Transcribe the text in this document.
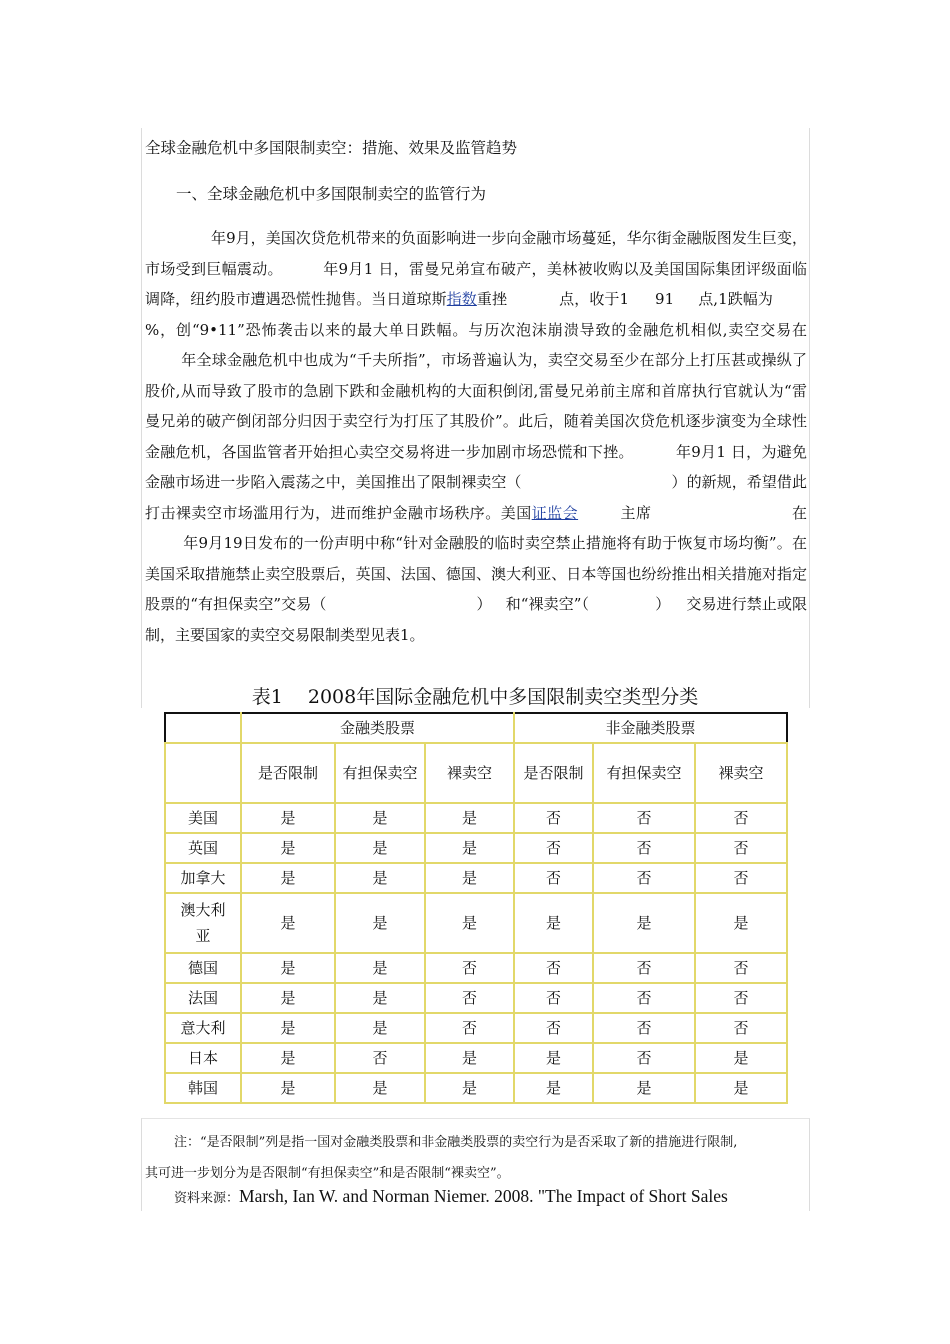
全球金融危机中多国限制卖空：措施、效果及监管趋势
一、全球金融危机中多国限制卖空的监管行为

年9月，美国次贷危机带来的负面影响进一步向金融市场蔓延，华尔街金融版图发生巨变，市场受到巨幅震动。	年9月1 日，雷曼兄弟宣布破产，美林被收购以及美国国际集团评级面临调降，纽约股市遭遇恐慌性抛售。当日道琼斯指数重挫	点，收于1 91 点,1跌幅为%，创“9•11”恐怖袭击以来的最大单日跌幅。与历次泡沫崩溃导致的金融危机相似,卖空交易在年全球金融危机中也成为“千夫所指”，市场普遍认为，卖空交易至少在部分上打压甚或操纵了股价,从而导致了股市的急剧下跌和金融机构的大面积倒闭,雷曼兄弟前主席和首席执行官就认为“雷曼兄弟的破产倒闭部分归因于卖空行为打压了其股价”。此后，随着美国次贷危机逐步演变为全球性金融危机，各国监管者开始担心卖空交易将进一步加剧市场恐慌和下挫。	年9月1 日，为避免金融市场进一步陷入震荡之中，美国推出了限制裸卖空（	）的新规，希望借此打击裸卖空市场滥用行为，进而维护金融市场秩序。美国证监会	主席	在年9月19日发布的一份声明中称“针对金融股的临时卖空禁止措施将有助于恢复市场均衡”。在美国采取措施禁止卖空股票后，英国、法国、德国、澳大利亚、日本等国也纷纷推出相关措施对指定股票的“有担保卖空”交易（	） 和“裸卖空”（	） 交易进行禁止或限制，主要国家的卖空交易限制类型见表1。

表1　 2008年国际金融危机中多国限制卖空类型分类
	金融类股票			非金融类股票		
	是否限制	有担保卖空	裸卖空	是否限制	有担保卖空	裸卖空
美国	是	是	是	否	否	否
英国	是	是	是	否	否	否
加拿大	是	是	是	否	否	否
澳大利亚	是	是	是	是	是	是
德国	是	是	否	否	否	否
法国	是	是	否	否	否	否
意大利	是	是	否	否	否	否
日本	是	否	是	是	否	是
韩国	是	是	是	是	是	是
注：“是否限制”列是指一国对金融类股票和非金融类股票的卖空行为是否采取了新的措施进行限制,
其可进一步划分为是否限制“有担保卖空”和是否限制“裸卖空”。
资料来源：Marsh, Ian W. and Norman Niemer. 2008. "The Impact of Short Sales
